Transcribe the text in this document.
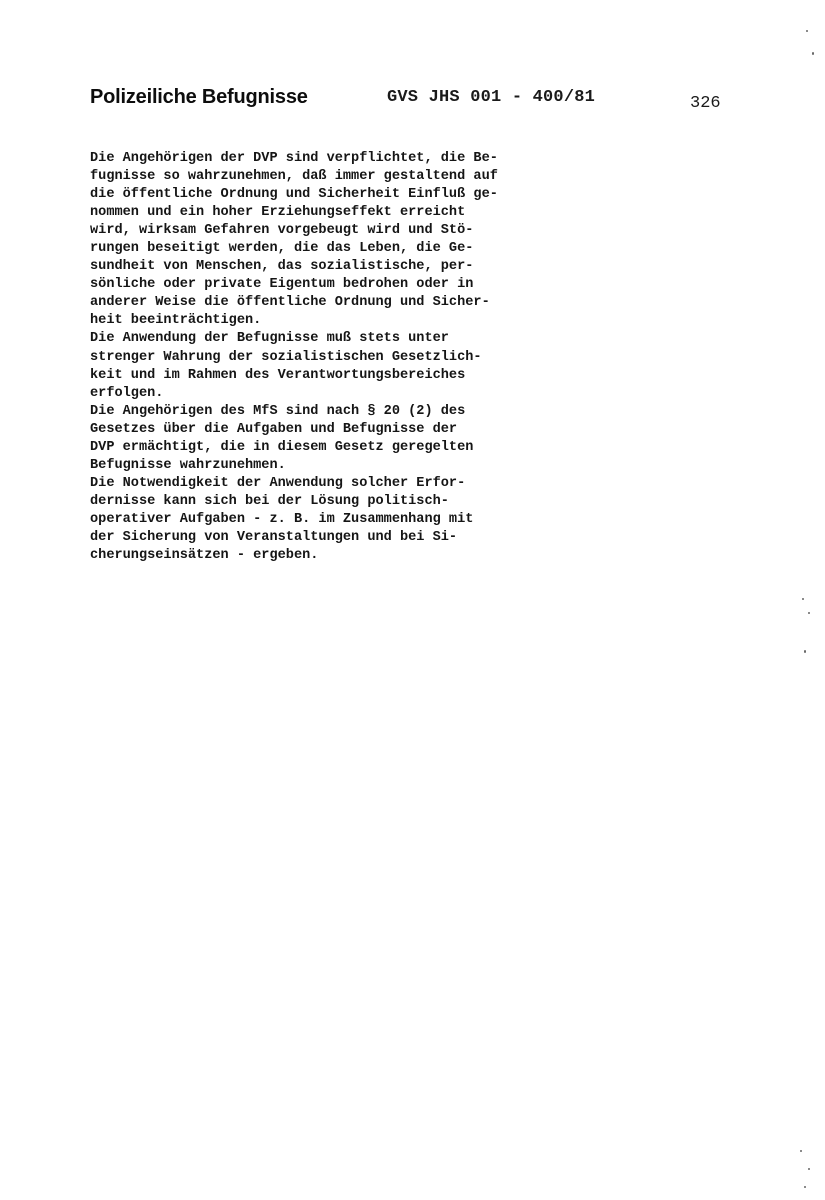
Polizeiliche Befugnisse	GVS JHS 001 - 400/81	326
Die Angehörigen der DVP sind verpflichtet, die Be-
fugnisse so wahrzunehmen, daß immer gestaltend auf
die öffentliche Ordnung und Sicherheit Einfluß ge-
nommen und ein hoher Erziehungseffekt erreicht
wird, wirksam Gefahren vorgebeugt wird und Stö-
rungen beseitigt werden, die das Leben, die Ge-
sundheit von Menschen, das sozialistische, per-
sönliche oder private Eigentum bedrohen oder in
anderer Weise die öffentliche Ordnung und Sicher-
heit beeinträchtigen.
Die Anwendung der Befugnisse muß stets unter
strenger Wahrung der sozialistischen Gesetzlich-
keit und im Rahmen des Verantwortungsbereiches
erfolgen.
Die Angehörigen des MfS sind nach § 20 (2) des
Gesetzes über die Aufgaben und Befugnisse der
DVP ermächtigt, die in diesem Gesetz geregelten
Befugnisse wahrzunehmen.
Die Notwendigkeit der Anwendung solcher Erfor-
dernisse kann sich bei der Lösung politisch-
operativer Aufgaben - z. B. im Zusammenhang mit
der Sicherung von Veranstaltungen und bei Si-
cherungseinsätzen - ergeben.
